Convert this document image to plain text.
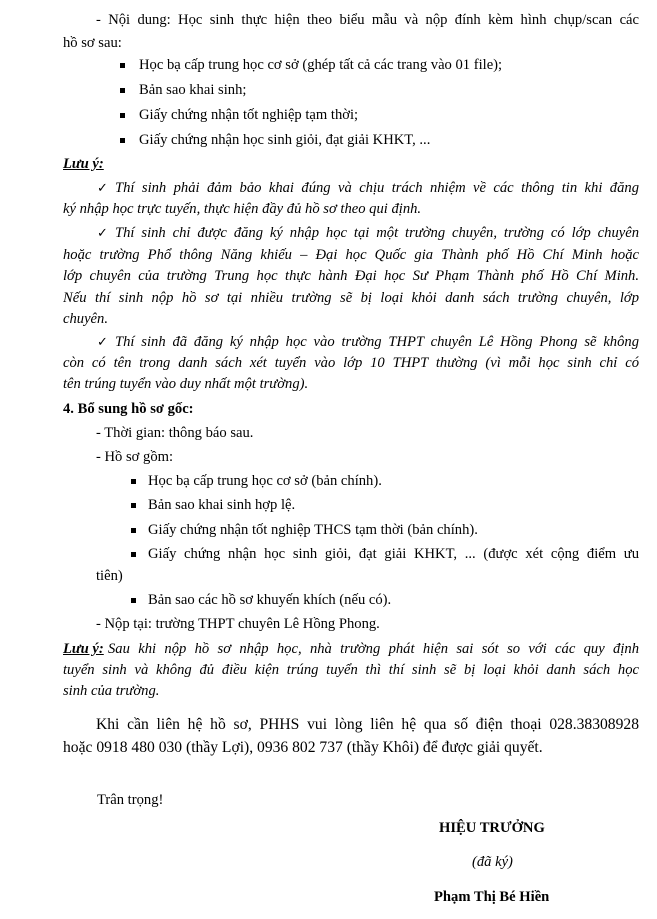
- Nội dung: Học sinh thực hiện theo biểu mẫu và nộp đính kèm hình chụp/scan các
hồ sơ sau:
Học bạ cấp trung học cơ sở (ghép tất cả các trang vào 01 file);
Bản sao khai sinh;
Giấy chứng nhận tốt nghiệp tạm thời;
Giấy chứng nhận học sinh giỏi, đạt giải KHKT, ...
Lưu ý:
✓ Thí sinh phải đảm bảo khai đúng và chịu trách nhiệm về các thông tin khi đăng
ký nhập học trực tuyến, thực hiện đầy đủ hồ sơ theo qui định.
✓ Thí sinh chỉ được đăng ký nhập học tại một trường chuyên, trường có lớp chuyên
hoặc trường Phổ thông Năng khiếu – Đại học Quốc gia Thành phố Hồ Chí Minh hoặc
lớp chuyên của trường Trung học thực hành Đại học Sư Phạm Thành phố Hồ Chí Minh.
Nếu thí sinh nộp hồ sơ tại nhiều trường sẽ bị loại khỏi danh sách trường chuyên, lớp
chuyên.
✓ Thí sinh đã đăng ký nhập học vào trường THPT chuyên Lê Hồng Phong sẽ không
còn có tên trong danh sách xét tuyển vào lớp 10 THPT thường (vì mỗi học sinh chỉ có
tên trúng tuyển vào duy nhất một trường).
4. Bổ sung hồ sơ gốc:
- Thời gian: thông báo sau.
- Hồ sơ gồm:
Học bạ cấp trung học cơ sở (bản chính).
Bản sao khai sinh hợp lệ.
Giấy chứng nhận tốt nghiệp THCS tạm thời (bản chính).
Giấy chứng nhận học sinh giỏi, đạt giải KHKT, ... (được xét cộng điểm ưu
tiên)
Bản sao các hồ sơ khuyến khích (nếu có).
- Nộp tại: trường THPT chuyên Lê Hồng Phong.
Lưu ý: Sau khi nộp hồ sơ nhập học, nhà trường phát hiện sai sót so với các quy định
tuyển sinh và không đủ điều kiện trúng tuyển thì thí sinh sẽ bị loại khỏi danh sách học
sinh của trường.
Khi cần liên hệ hồ sơ, PHHS vui lòng liên hệ qua số điện thoại 028.38308928
hoặc 0918 480 030 (thầy Lợi), 0936 802 737 (thầy Khôi) để được giải quyết.
Trân trọng!
HIỆU TRƯỞNG
(đã ký)
Phạm Thị Bé Hiền
